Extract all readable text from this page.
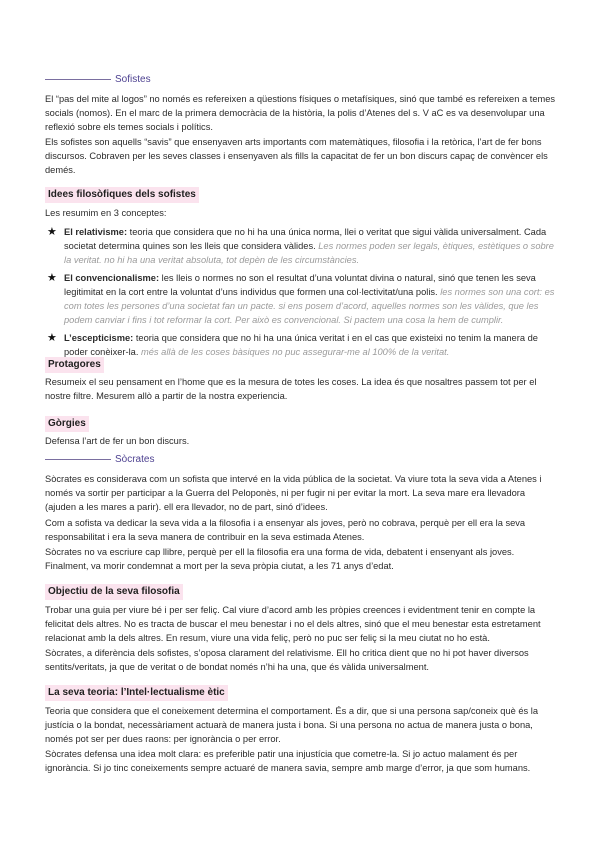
Sofistes

El “pas del mite al logos” no només es refereixen a qüestions físiques o metafísiques, sinó que també es refereixen a temes socials (nomos). En el marc de la primera democràcia de la història, la polis d’Atenes del s. V aC es va desenvolupar una reflexió sobre els temes socials i polítics.

Els sofistes son aquells “savis” que ensenyaven arts importants com matemàtiques, filosofia i la retòrica, l’art de fer bons discursos. Cobraven per les seves classes i ensenyaven als fills la capacitat de fer un bon discurs capaç de convèncer els demés.

Idees filosòfiques dels sofistes

Les resumim en 3 conceptes:

★ El relativisme: teoria que considera que no hi ha una única norma, llei o veritat que sigui vàlida universalment. Cada societat determina quines son les lleis que considera vàlides. Les normes poden ser legals, ètiques, estètiques o sobre la veritat. no hi ha una veritat absoluta, tot depèn de les circumstàncies.
★ El convencionalisme: les lleis o normes no son el resultat d’una voluntat divina o natural, sinó que tenen les seva legitimitat en la cort entre la voluntat d’uns individus que formen una col·lectivitat/una polis. les normes son una cort: es com totes les persones d’una societat fan un pacte. si ens posem d’acord, aquelles normes son les vàlides, que les podem canviar i fins i tot reformar la cort. Per això es convencional. Si pactem una cosa la hem de cumplir.
★ L’escepticisme: teoria que considera que no hi ha una única veritat i en el cas que existeixi no tenim la manera de poder conèixer-la. més allà de les coses bàsiques no puc assegurar-me al 100% de la veritat.
Protagores

Resumeix el seu pensament en l’home que es la mesura de totes les coses. La idea és que nosaltres passem tot per el nostre filtre. Mesurem allò a partir de la nostra experiencia.

Gòrgies

Defensa l’art de fer un bon discurs.

Sòcrates

Sòcrates es considerava com un sofista que intervé en la vida pública de la societat. Va viure tota la seva vida a Atenes i només va sortir per participar a la Guerra del Peloponès, ni per fugir ni per evitar la mort. La seva mare era llevadora (ajuden a les mares a parir). ell era llevador, no de part, sinó d’idees.

Com a sofista va dedicar la seva vida a la filosofia i a ensenyar als joves, però no cobrava, perquè per ell era la seva responsabilitat i era la seva manera de contribuir en la seva estimada Atenes.

Sòcrates no va escriure cap llibre, perquè per ell la filosofia era una forma de vida, debatent i ensenyant als joves. Finalment, va morir condemnat a mort per la seva pròpia ciutat, a les 71 anys d’edat.

Objectiu de la seva filosofia

Trobar una guia per viure bé i per ser feliç. Cal viure d’acord amb les pròpies creences i evidentment tenir en compte la felicitat dels altres. No es tracta de buscar el meu benestar i no el dels altres, sinó que el meu benestar esta estretament relacionat amb la dels altres. En resum, viure una vida feliç, però no puc ser feliç si la meu ciutat no ho està.

Sòcrates, a diferència dels sofistes, s’oposa clarament del relativisme. Ell ho critica dient que no hi pot haver diversos sentits/veritats, ja que de veritat o de bondat només n’hi ha una, que és vàlida universalment.

La seva teoria: l’Intel·lectualisme ètic

Teoria que considera que el coneixement determina el comportament. És a dir, que si una persona sap/coneix què és la justícia o la bondat, necessàriament actuarà de manera justa i bona. Si una persona no actua de manera justa o bona, només pot ser per dues raons: per ignorància o per error.

Sòcrates defensa una idea molt clara: es preferible patir una injustícia que cometre-la. Si jo actuo malament és per ignorància. Si jo tinc coneixements sempre actuaré de manera savia, sempre amb marge d’error, ja que som humans.
